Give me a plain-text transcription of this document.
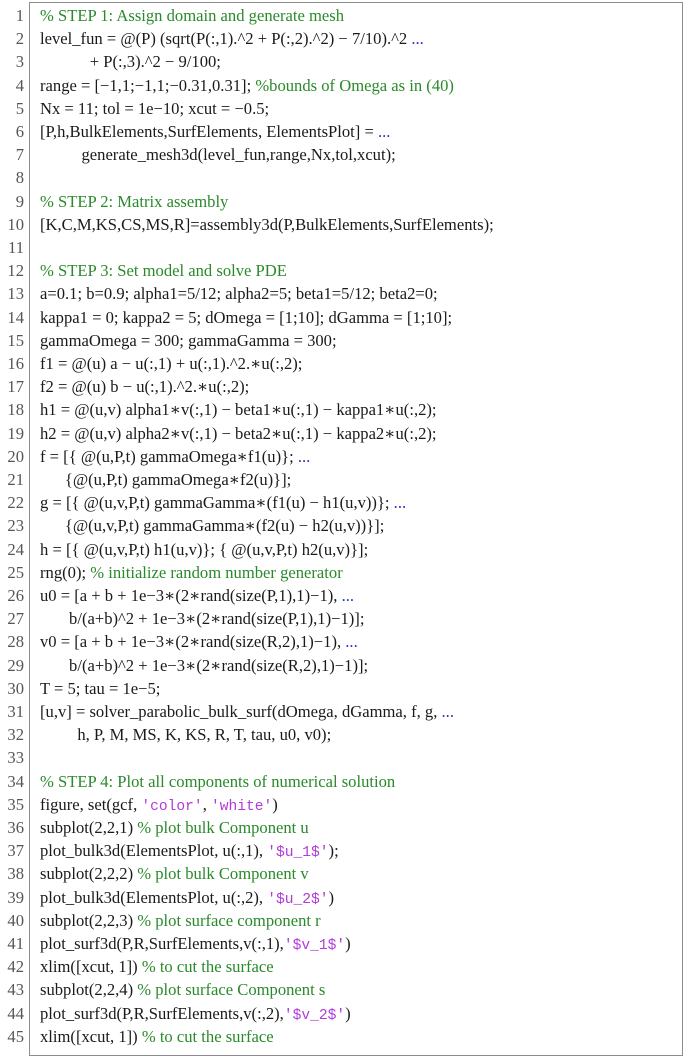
1 % STEP 1: Assign domain and generate mesh
2 level_fun = @(P) (sqrt(P(:,1).^2 + P(:,2).^2) − 7/10).^2 ...
3 + P(:,3).^2 − 9/100;
4 range = [−1,1;−1,1;−0.31,0.31]; %bounds of Omega as in (40)
5 Nx = 11; tol = 1e−10; xcut = −0.5;
6 [P,h,BulkElements,SurfElements, ElementsPlot] = ...
7 generate_mesh3d(level_fun,range,Nx,tol,xcut);
8
9 % STEP 2: Matrix assembly
10 [K,C,M,KS,CS,MS,R]=assembly3d(P,BulkElements,SurfElements);
11
12 % STEP 3: Set model and solve PDE
13 a=0.1; b=0.9; alpha1=5/12; alpha2=5; beta1=5/12; beta2=0;
14 kappa1 = 0; kappa2 = 5; dOmega = [1;10]; dGamma = [1;10];
15 gammaOmega = 300; gammaGamma = 300;
16 f1 = @(u) a − u(:,1) + u(:,1).^2.∗u(:,2);
17 f2 = @(u) b − u(:,1).^2.∗u(:,2);
18 h1 = @(u,v) alpha1∗v(:,1) − beta1∗u(:,1) − kappa1∗u(:,2);
19 h2 = @(u,v) alpha2∗v(:,1) − beta2∗u(:,1) − kappa2∗u(:,2);
20 f = [{ @(u,P,t) gammaOmega∗f1(u)}; ...
21 {@(u,P,t) gammaOmega∗f2(u)}];
22 g = [{ @(u,v,P,t) gammaGamma∗(f1(u) − h1(u,v))}; ...
23 {@(u,v,P,t) gammaGamma∗(f2(u) − h2(u,v))}];
24 h = [{ @(u,v,P,t) h1(u,v)}; { @(u,v,P,t) h2(u,v)}];
25 rng(0); % initialize random number generator
26 u0 = [a + b + 1e−3∗(2∗rand(size(P,1),1)−1), ...
27 b/(a+b)^2 + 1e−3∗(2∗rand(size(P,1),1)−1)];
28 v0 = [a + b + 1e−3∗(2∗rand(size(R,2),1)−1), ...
29 b/(a+b)^2 + 1e−3∗(2∗rand(size(R,2),1)−1)];
30 T = 5; tau = 1e−5;
31 [u,v] = solver_parabolic_bulk_surf(dOmega, dGamma, f, g, ...
32 h, P, M, MS, K, KS, R, T, tau, u0, v0);
33
34 % STEP 4: Plot all components of numerical solution
35 figure, set(gcf, 'color', 'white')
36 subplot(2,2,1) % plot bulk Component u
37 plot_bulk3d(ElementsPlot, u(:,1), '$u_1$');
38 subplot(2,2,2) % plot bulk Component v
39 plot_bulk3d(ElementsPlot, u(:,2), '$u_2$')
40 subplot(2,2,3) % plot surface component r
41 plot_surf3d(P,R,SurfElements,v(:,1),'$v_1$')
42 xlim([xcut, 1]) % to cut the surface
43 subplot(2,2,4) % plot surface Component s
44 plot_surf3d(P,R,SurfElements,v(:,2),'$v_2$')
45 xlim([xcut, 1]) % to cut the surface
